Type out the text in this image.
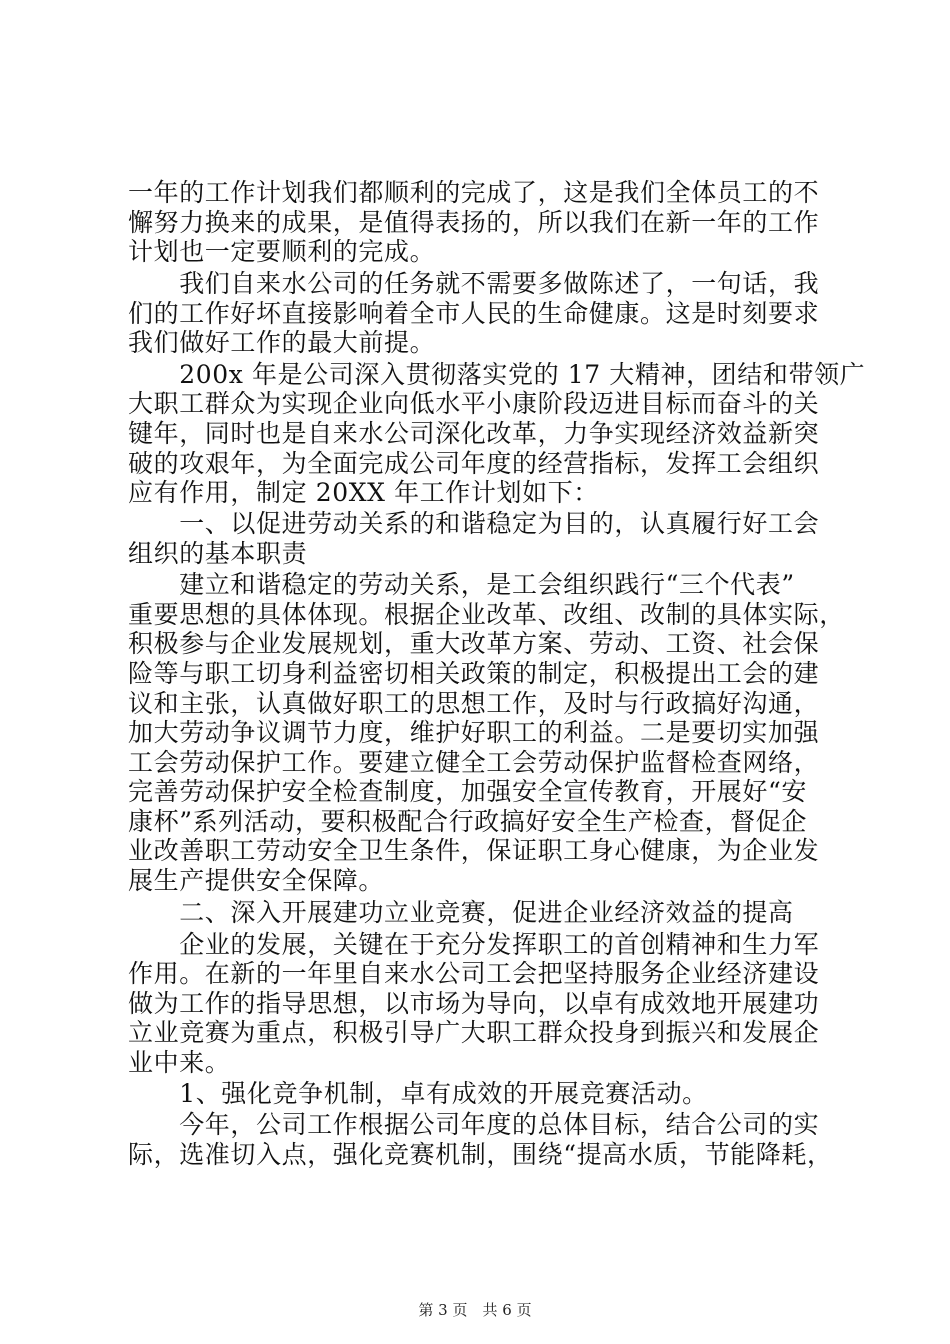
一年的工作计划我们都顺利的完成了，这是我们全体员工的不
懈努力换来的成果，是值得表扬的，所以我们在新一年的工作
计划也一定要顺利的完成。
　　我们自来水公司的任务就不需要多做陈述了，一句话，我
们的工作好坏直接影响着全市人民的生命健康。这是时刻要求
我们做好工作的最大前提。
　　200x 年是公司深入贯彻落实党的 17 大精神，团结和带领广
大职工群众为实现企业向低水平小康阶段迈进目标而奋斗的关
键年，同时也是自来水公司深化改革，力争实现经济效益新突
破的攻艰年，为全面完成公司年度的经营指标，发挥工会组织
应有作用，制定 20XX 年工作计划如下：
　　一、以促进劳动关系的和谐稳定为目的，认真履行好工会
组织的基本职责
　　建立和谐稳定的劳动关系，是工会组织践行“三个代表”
重要思想的具体体现。根据企业改革、改组、改制的具体实际，
积极参与企业发展规划，重大改革方案、劳动、工资、社会保
险等与职工切身利益密切相关政策的制定，积极提出工会的建
议和主张，认真做好职工的思想工作，及时与行政搞好沟通，
加大劳动争议调节力度，维护好职工的利益。二是要切实加强
工会劳动保护工作。要建立健全工会劳动保护监督检查网络，
完善劳动保护安全检查制度，加强安全宣传教育，开展好“安
康杯”系列活动，要积极配合行政搞好安全生产检查，督促企
业改善职工劳动安全卫生条件，保证职工身心健康，为企业发
展生产提供安全保障。
　　二、深入开展建功立业竞赛，促进企业经济效益的提高
　　企业的发展，关键在于充分发挥职工的首创精神和生力军
作用。在新的一年里自来水公司工会把坚持服务企业经济建设
做为工作的指导思想，以市场为导向，以卓有成效地开展建功
立业竞赛为重点，积极引导广大职工群众投身到振兴和发展企
业中来。
　　1、强化竞争机制，卓有成效的开展竞赛活动。
　　今年，公司工作根据公司年度的总体目标，结合公司的实
际，选准切入点，强化竞赛机制，围绕“提高水质，节能降耗，
第 3 页　共 6 页
